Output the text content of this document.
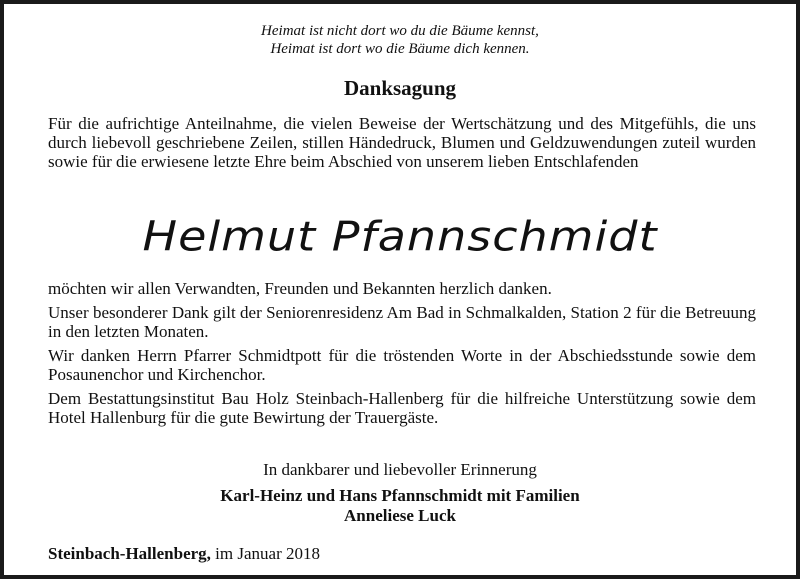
Heimat ist nicht dort wo du die Bäume kennst,
Heimat ist dort wo die Bäume dich kennen.
Danksagung
Für die aufrichtige Anteilnahme, die vielen Beweise der Wertschätzung und des Mitgefühls, die uns durch liebevoll geschriebene Zeilen, stillen Händedruck, Blumen und Geldzuwendungen zuteil wurden sowie für die erwiesene letzte Ehre beim Abschied von unserem lieben Entschlafenden
Helmut Pfannschmidt

möchten wir allen Verwandten, Freunden und Bekannten herzlich danken.

Unser besonderer Dank gilt der Seniorenresidenz Am Bad in Schmalkalden, Station 2 für die Betreuung in den letzten Monaten.

Wir danken Herrn Pfarrer Schmidtpott für die tröstenden Worte in der Abschiedsstunde sowie dem Posaunenchor und Kirchenchor.

Dem Bestattungsinstitut Bau Holz Steinbach-Hallenberg für die hilfreiche Unterstützung sowie dem Hotel Hallenburg für die gute Bewirtung der Trauergäste.

In dankbarer und liebevoller Erinnerung
Karl-Heinz und Hans Pfannschmidt mit Familien
Anneliese Luck
Steinbach-Hallenberg, im Januar 2018
